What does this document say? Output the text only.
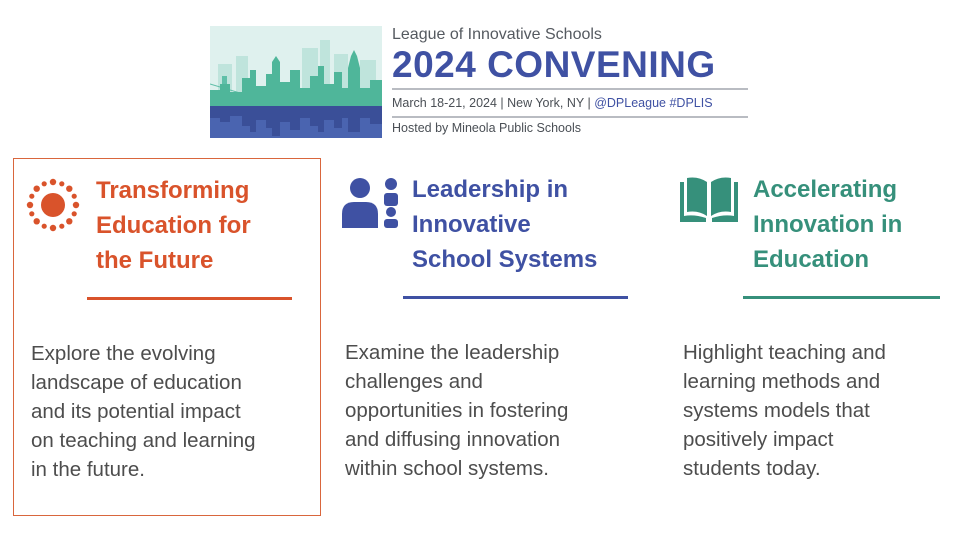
League of Innovative Schools
2024 CONVENING
March 18-21, 2024 | New York, NY | @DPLeague #DPLIS
Hosted by Mineola Public Schools
Transforming
Education for
the Future
Explore the evolving
landscape of education
and its potential impact
on teaching and learning
in the future.
Leadership in
Innovative
School Systems
Examine the leadership
challenges and
opportunities in fostering
and diffusing innovation
within school systems.
Accelerating
Innovation in
Education
Highlight teaching and
learning methods and
systems models that
positively impact
students today.
